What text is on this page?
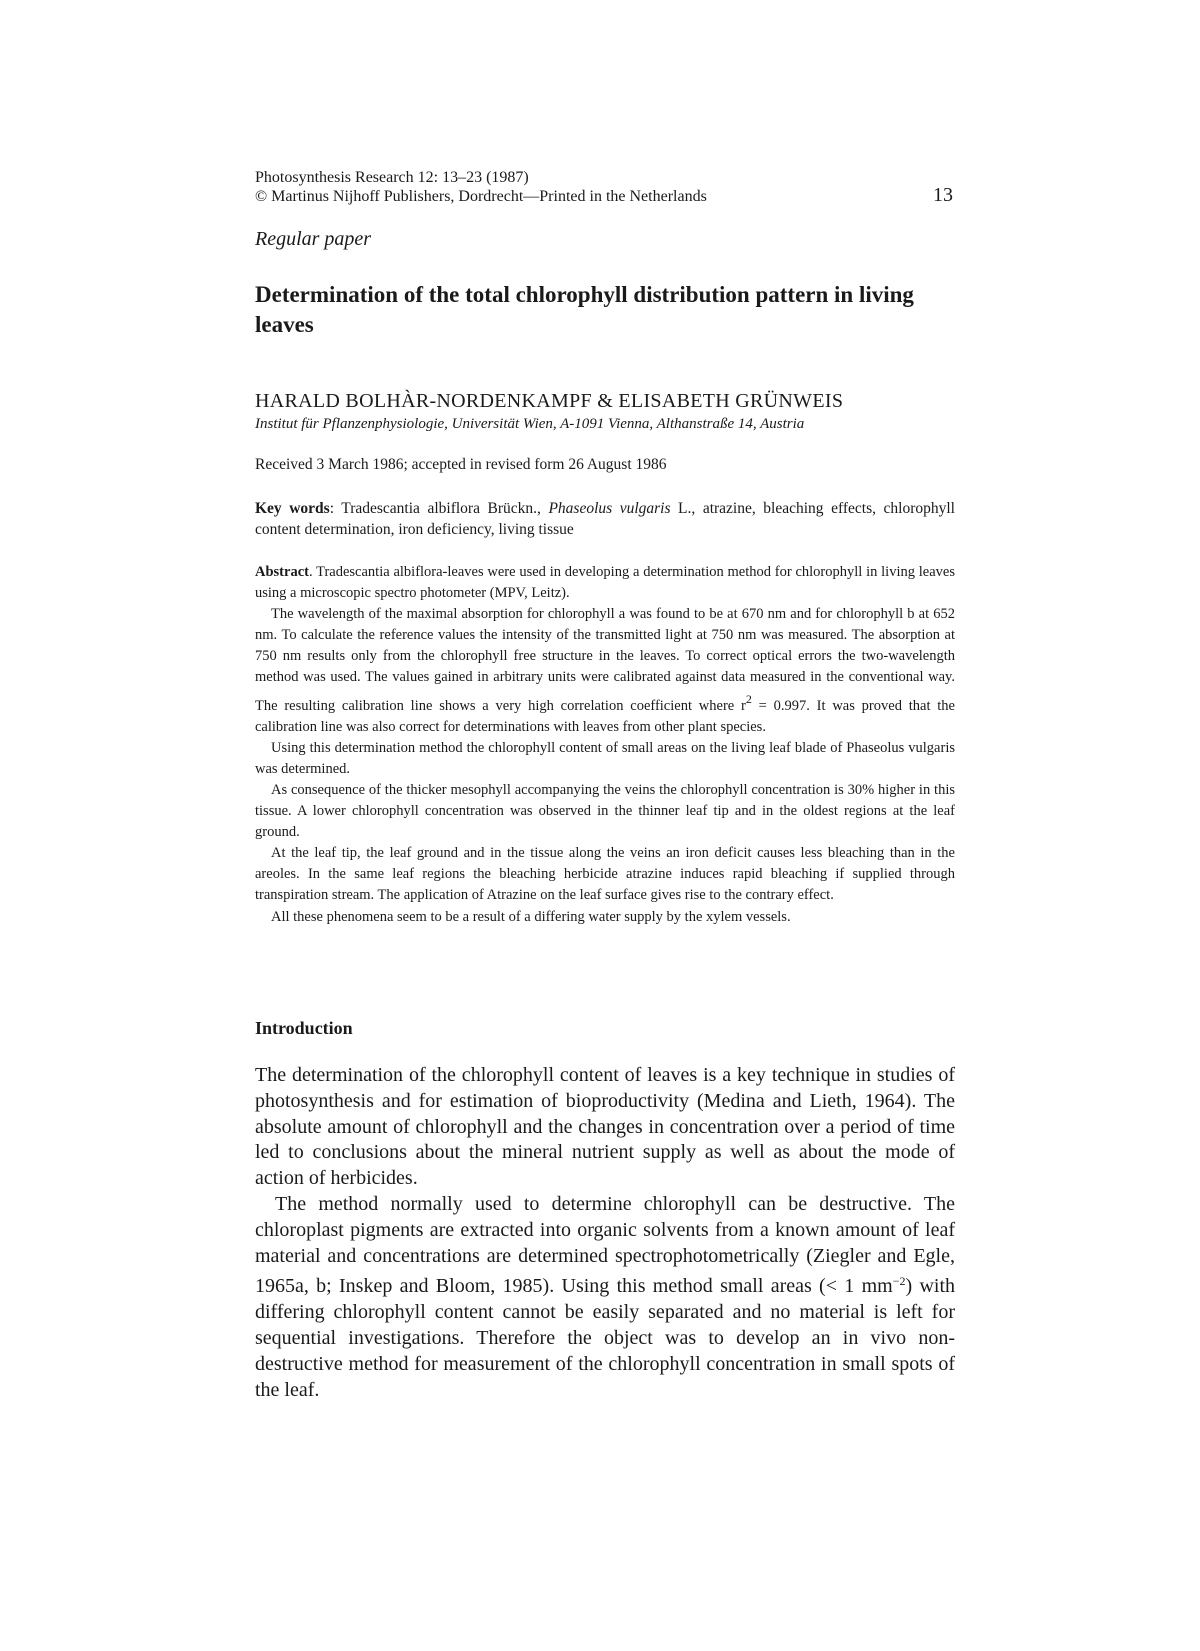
Photosynthesis Research 12: 13–23 (1987)
© Martinus Nijhoff Publishers, Dordrecht—Printed in the Netherlands	13
Regular paper
Determination of the total chlorophyll distribution pattern in living leaves
HARALD BOLHÀR-NORDENKAMPF & ELISABETH GRÜNWEIS
Institut für Pflanzenphysiologie, Universität Wien, A-1091 Vienna, Althanstraße 14, Austria
Received 3 March 1986; accepted in revised form 26 August 1986

Key words: Tradescantia albiflora Brückn., Phaseolus vulgaris L., atrazine, bleaching effects, chlorophyll content determination, iron deficiency, living tissue

Abstract. Tradescantia albiflora-leaves were used in developing a determination method for chlorophyll in living leaves using a microscopic spectro photometer (MPV, Leitz).

The wavelength of the maximal absorption for chlorophyll a was found to be at 670 nm and for chlorophyll b at 652 nm. To calculate the reference values the intensity of the transmitted light at 750 nm was measured. The absorption at 750 nm results only from the chlorophyll free structure in the leaves. To correct optical errors the two-wavelength method was used. The values gained in arbitrary units were calibrated against data measured in the conventional way. The resulting calibration line shows a very high correlation coefficient where $r^2 = 0.997$. It was proved that the calibration line was also correct for determinations with leaves from other plant species.

Using this determination method the chlorophyll content of small areas on the living leaf blade of Phaseolus vulgaris was determined.

As consequence of the thicker mesophyll accompanying the veins the chlorophyll concentration is 30% higher in this tissue. A lower chlorophyll concentration was observed in the thinner leaf tip and in the oldest regions at the leaf ground.

At the leaf tip, the leaf ground and in the tissue along the veins an iron deficit causes less bleaching than in the areoles. In the same leaf regions the bleaching herbicide atrazine induces rapid bleaching if supplied through transpiration stream. The application of Atrazine on the leaf surface gives rise to the contrary effect.

All these phenomena seem to be a result of a differing water supply by the xylem vessels.

Introduction

The determination of the chlorophyll content of leaves is a key technique in studies of photosynthesis and for estimation of bioproductivity (Medina and Lieth, 1964). The absolute amount of chlorophyll and the changes in concentration over a period of time led to conclusions about the mineral nutrient supply as well as about the mode of action of herbicides.

The method normally used to determine chlorophyll can be destructive. The chloroplast pigments are extracted into organic solvents from a known amount of leaf material and concentrations are determined spectrophotometrically (Ziegler and Egle, 1965a, b; Inskep and Bloom, 1985). Using this method small areas (< 1 $mm^{-2}$) with differing chlorophyll content cannot be easily separated and no material is left for sequential investigations. Therefore the object was to develop an in vivo non-destructive method for measurement of the chlorophyll concentration in small spots of the leaf.
